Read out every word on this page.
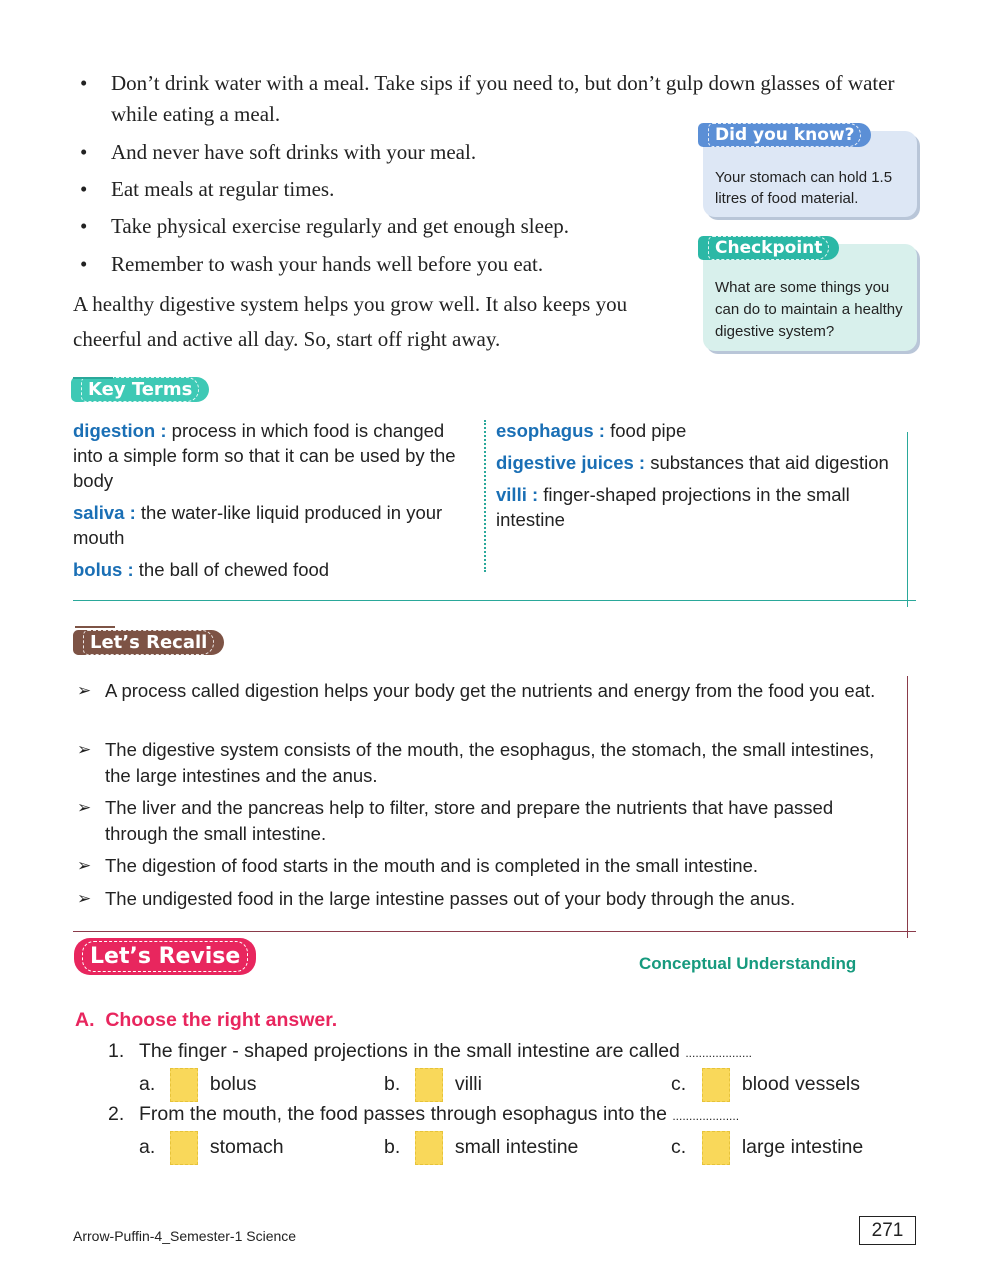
• Don’t drink water with a meal. Take sips if you need to, but don’t gulp down glasses of water while eating a meal.
• And never have soft drinks with your meal.
• Eat meals at regular times.
• Take physical exercise regularly and get enough sleep.
• Remember to wash your hands well before you eat.
A healthy digestive system helps you grow well. It also keeps you cheerful and active all day. So, start off right away.
Did you know?
Your stomach can hold 1.5 litres of food material.
Checkpoint
What are some things you can do to maintain a healthy digestive system?
Key Terms
digestion : process in which food is changed into a simple form so that it can be used by the body
saliva : the water-like liquid produced in your mouth
bolus : the ball of chewed food
esophagus : food pipe
digestive juices : substances that aid digestion
villi : finger-shaped projections in the small intestine
Let’s Recall
➢ A process called digestion helps your body get the nutrients and energy from the food you eat.
➢ The digestive system consists of the mouth, the esophagus, the stomach, the small intestines, the large intestines and the anus.
➢ The liver and the pancreas help to filter, store and prepare the nutrients that have passed through the small intestine.
➢ The digestion of food starts in the mouth and is completed in the small intestine.
➢ The undigested food in the large intestine passes out of your body through the anus.
Let’s Revise	Conceptual Understanding
A.  Choose the right answer.
1. The finger - shaped projections in the small intestine are called ....................
a.	bolus	b.	villi	c.	blood vessels
2. From the mouth, the food passes through esophagus into the ....................
a.	stomach	b.	small intestine	c.	large intestine
Arrow-Puffin-4_Semester-1 Science	271
